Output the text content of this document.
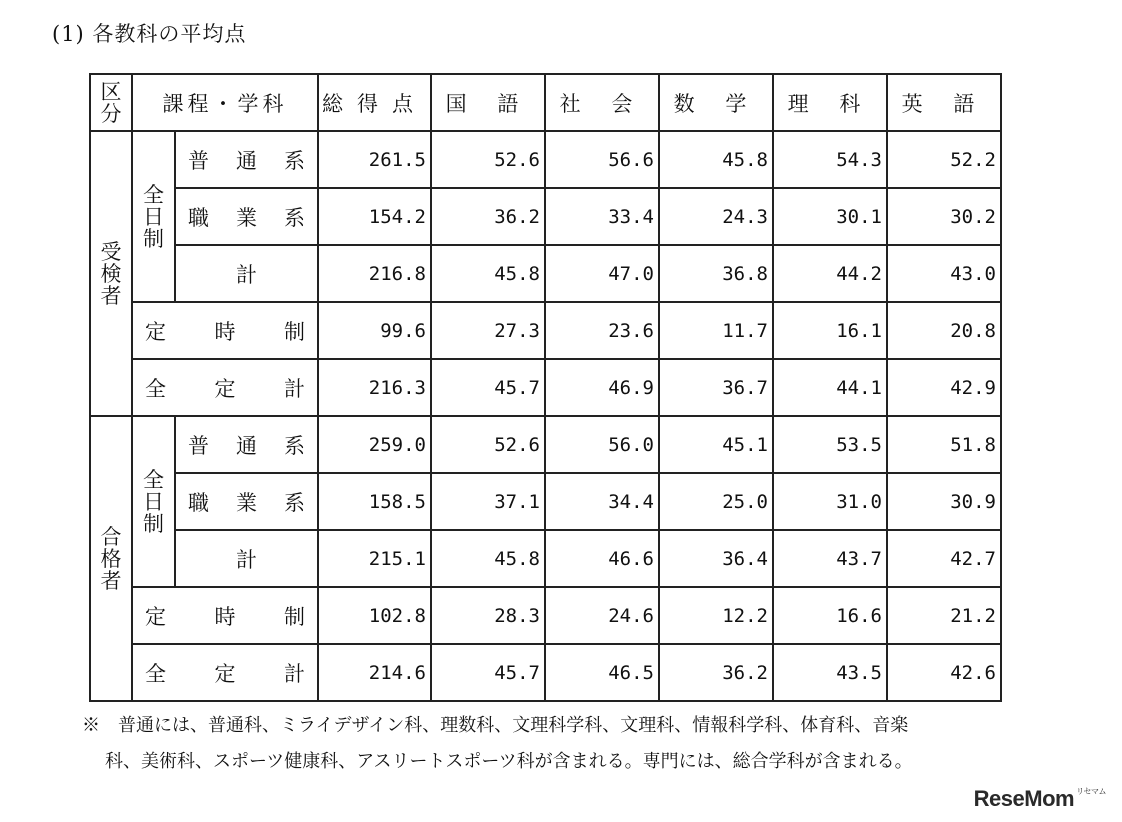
(1) 各教科の平均点
区分	課程・学科		総得点	国 語	社 会	数 学	理 科	英 語
受検者	全日制	普 通 系	261.5	52.6	56.6	45.8	54.3	52.2

		職 業 系	154.2	36.2	33.4	24.3	30.1	30.2

		計	216.8	45.8	47.0	36.8	44.2	43.0

	定 時 制		99.6	27.3	23.6	11.7	16.1	20.8

	全 定 計		216.3	45.7	46.9	36.7	44.1	42.9
合格者	全日制	普 通 系	259.0	52.6	56.0	45.1	53.5	51.8

		職 業 系	158.5	37.1	34.4	25.0	31.0	30.9

		計	215.1	45.8	46.6	36.4	43.7	42.7

	定 時 制		102.8	28.3	24.6	12.2	16.6	21.2

	全 定 計		214.6	45.7	46.5	36.2	43.5	42.6
※　普通には、普通科、ミライデザイン科、理数科、文理科学科、文理科、情報科学科、体育科、音楽
科、美術科、スポーツ健康科、アスリートスポーツ科が含まれる。専門には、総合学科が含まれる。
ReseMom $^{リセマム}$
